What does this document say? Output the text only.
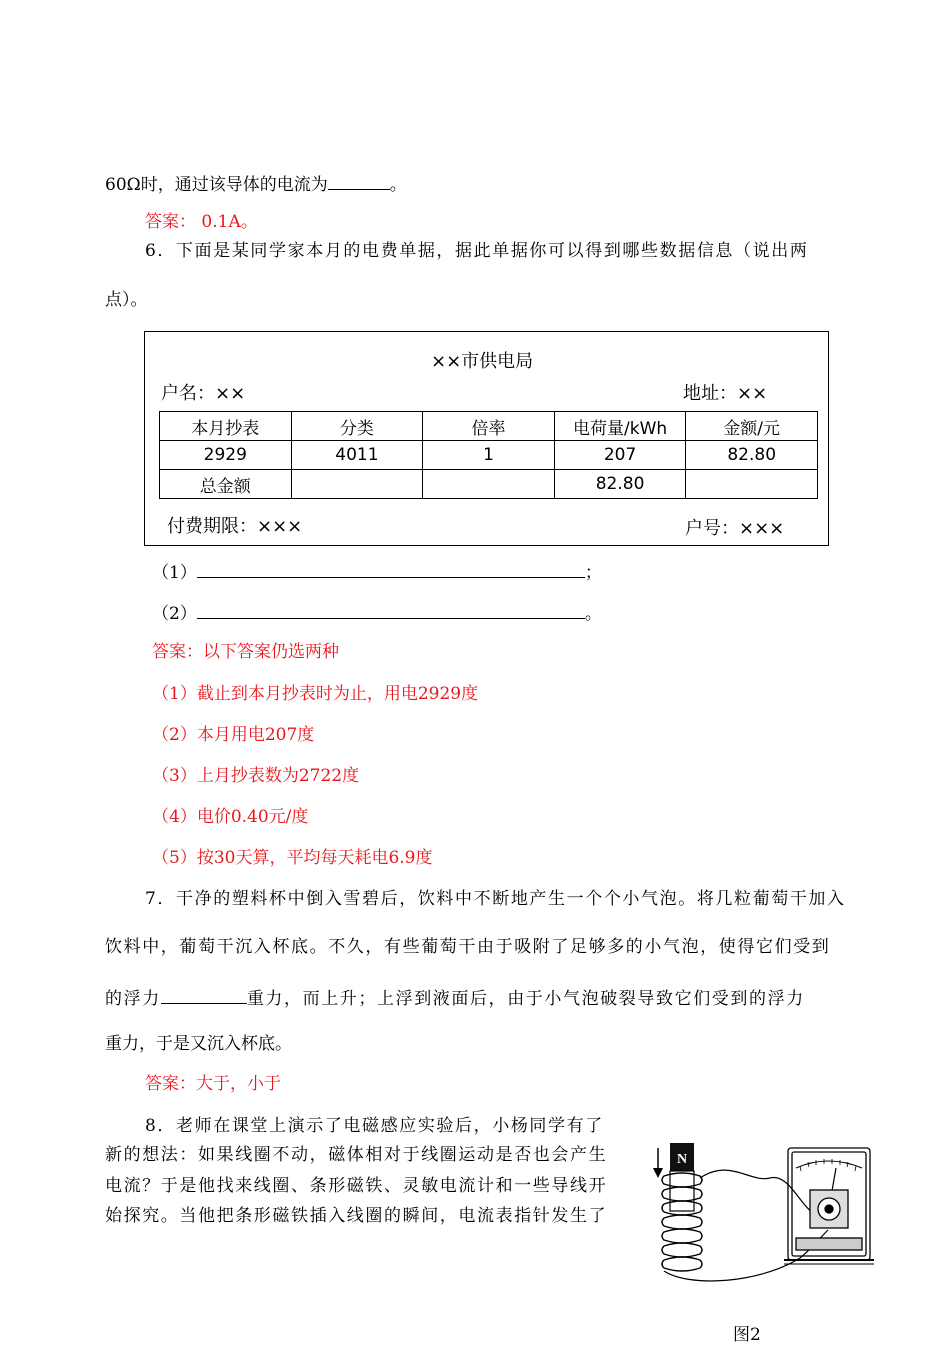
60Ω时，通过该导体的电流为	。
答案： 0.1A。
6．下面是某同学家本月的电费单据，据此单据你可以得到哪些数据信息（说出两
点）。
××市供电局
户名：××	地址：××
本月抄表	分类	倍率	电荷量/kWh	金额/元
2929	4011	1	207	82.80
总金额			82.80	
付费期限：×××	户号：×××
（1）	；
（2）	。
答案：以下答案仍选两种
（1）截止到本月抄表时为止，用电2929度
（2）本月用电207度
（3）上月抄表数为2722度
（4）电价0.40元/度
（5）按30天算，平均每天耗电6.9度
7．干净的塑料杯中倒入雪碧后，饮料中不断地产生一个个小气泡。将几粒葡萄干加入
饮料中，葡萄干沉入杯底。不久，有些葡萄干由于吸附了足够多的小气泡，使得它们受到
的浮力	重力，而上升；上浮到液面后，由于小气泡破裂导致它们受到的浮力
重力，于是又沉入杯底。
答案：大于，小于
8．老师在课堂上演示了电磁感应实验后，小杨同学有了
新的想法：如果线圈不动，磁体相对于线圈运动是否也会产生
电流？于是他找来线圈、条形磁铁、灵敏电流计和一些导线开
始探究。当他把条形磁铁插入线圈的瞬间，电流表指针发生了
N
图2
